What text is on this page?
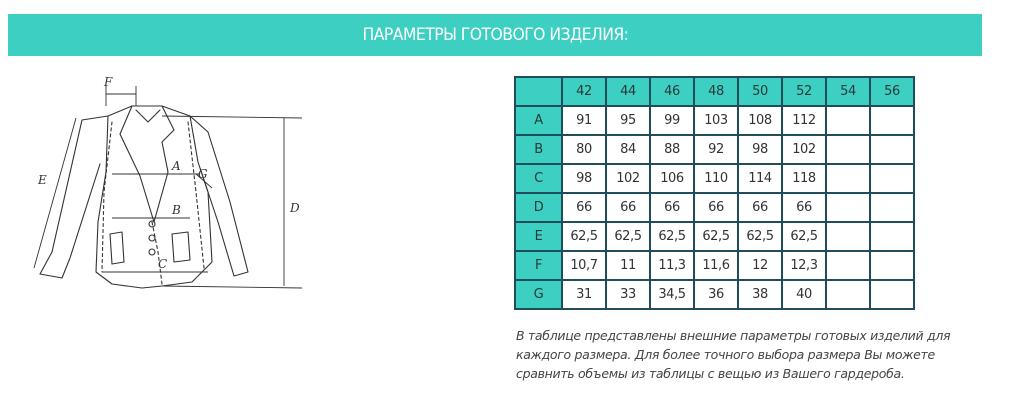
ПАРАМЕТРЫ ГОТОВОГО ИЗДЕЛИЯ:
E
F
A
G
B
C
D
	42	44	46	48	50	52	54	56
A	91	95	99	103	108	112		
B	80	84	88	92	98	102		
C	98	102	106	110	114	118		
D	66	66	66	66	66	66		
E	62,5	62,5	62,5	62,5	62,5	62,5		
F	10,7	11	11,3	11,6	12	12,3		
G	31	33	34,5	36	38	40		
В таблице представлены внешние параметры готовых изделий для каждого размера. Для более точного выбора размера Вы можете сравнить объемы из таблицы с вещью из Вашего гардероба.
